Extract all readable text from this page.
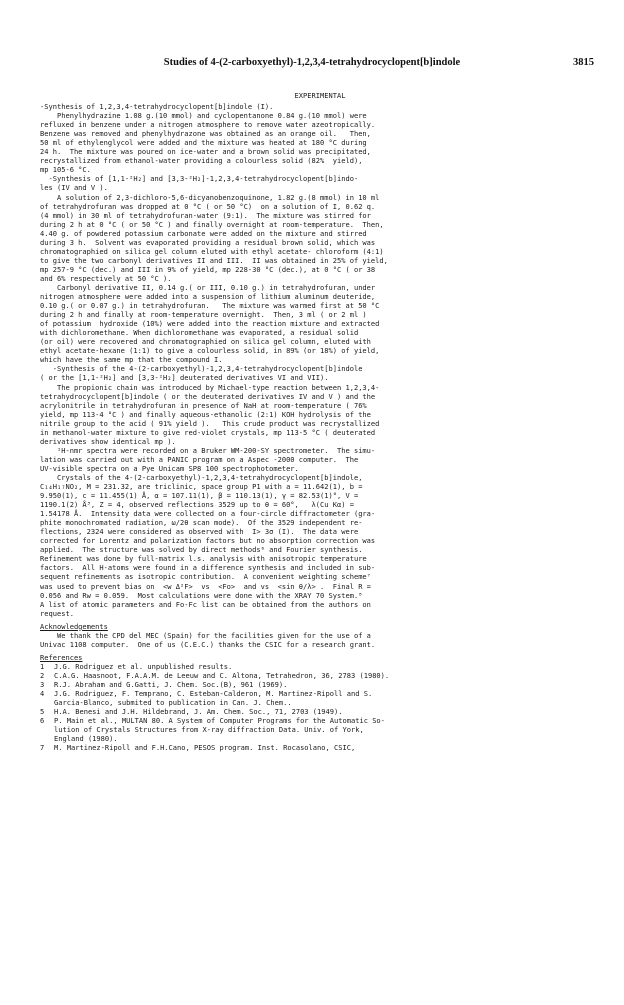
Studies of 4-(2-carboxyethyl)-1,2,3,4-tetrahydrocyclopent[b]indole	3815
EXPERIMENTAL
-Synthesis of 1,2,3,4-tetrahydrocyclopent[b]indole (I).
Phenylhydrazine 1.08 g.(10 mmol) and cyclopentanone 0.84 g.(10 mmol) were
refluxed in benzene under a nitrogen atmosphere to remove water azeotropically.
Benzene was removed and phenylhydrazone was obtained as an orange oil.   Then,
50 ml of ethylenglycol were added and the mixture was heated at 180 °C during
24 h.  The mixture was poured on ice-water and a brown solid was precipitated,
recrystallized from ethanol-water providing a colourless solid (82%  yield),
mp 105-6 °C.
-Synthesis of [1,1-²H₂] and [3,3-²H₂]-1,2,3,4-tetrahydrocyclopent[b]indo-
les (IV and V ).
A solution of 2,3-dichloro-5,6-dicyanobenzoquinone, 1.82 g.(8 mmol) in 10 ml
of tetrahydrofuran was dropped at 0 °C ( or 50 °C)  on a solution of I, 0.62 q.
(4 mmol) in 30 ml of tetrahydrofuran-water (9:1).  The mixture was stirred for
during 2 h at 0 °C ( or 50 °C ) and finally overnight at room-temperature.  Then,
4.40 g. of powdered potassium carbonate were added on the mixture and stirred
during 3 h.  Solvent was evaporated providing a residual brown solid, which was
chromatographied on silica gel column eluted with ethyl acetate- chloroform (4:1)
to give the two carbonyl derivatives II and III.  II was obtained in 25% of yield,
mp 257-9 °C (dec.) and III in 9% of yield, mp 228-30 °C (dec.), at 0 °C ( or 38
and 6% respectively at 50 °C ).
Carbonyl derivative II, 0.14 g.( or III, 0.10 g.) in tetrahydrofuran, under
nitrogen atmosphere were added into a suspension of lithium aluminum deuteride,
0.10 g.( or 0.07 g.) in tetrahydrofuran.   The mixture was warmed first at 50 °C
during 2 h and finally at room-temperature overnight.  Then, 3 ml ( or 2 ml )
of potassium  hydroxide (10%) were added into the reaction mixture and extracted
with dichloromethane. When dichloromethane was evaporated, a residual solid
(or oil) were recovered and chromatographied on silica gel column, eluted with
ethyl acetate-hexane (1:1) to give a colourless solid, in 89% (or 18%) of yield,
which have the same mp that the compound I.
-Synthesis of the 4-(2-carboxyethyl)-1,2,3,4-tetrahydrocyclopent[b]indole
( or the [1,1-²H₂] and [3,3-²H₂] deuterated derivatives VI and VII).
The propionic chain was introduced by Michael-type reaction between 1,2,3,4-
tetrahydrocyclopent[b]indole ( or the deuterated derivatives IV and V ) and the
acrylonitrile in tetrahydrofuran in presence of NaH at room-temperature ( 76%
yield, mp 113-4 °C ) and finally aqueous-ethanolic (2:1) KOH hydrolysis of the
nitrile group to the acid ( 91% yield ).   This crude product was recrystallized
in methanol-water mixture to give red-violet crystals, mp 113-5 °C ( deuterated
derivatives show identical mp ).
¹H-nmr spectra were recorded on a Bruker WM-200-SY spectrometer.  The simu-
lation was carried out with a PANIC program on a Aspec -2000 computer.  The
UV-visible spectra on a Pye Unicam SP8 100 spectrophotometer.
Crystals of the 4-(2-carboxyethyl)-1,2,3,4-tetrahydrocyclopent[b]indole,
C₁₄H₁₇NO₂, M = 231.32, are triclinic, space group P1 with a = 11.642(1), b =
9.950(1), c = 11.455(1) Å, α = 107.11(1), β = 110.13(1), γ = 82.53(1)°, V =
1190.1(2) Å³, Z = 4, observed reflections 3529 up to θ = 60°,   λ(Cu Kα) =
1.54178 Å.  Intensity data were collected on a four-circle diffractometer (gra-
phite monochromated radiation, ω/2θ scan mode).  Of the 3529 independent re-
flections, 2324 were considered as observed with  I> 3σ (I).  The data were
corrected for Lorentz and polarization factors but no absorption correction was
applied.  The structure was solved by direct methods⁶ and Fourier synthesis.
Refinement was done by full-matrix l.s. analysis with anisotropic temperature
factors.  All H-atoms were found in a difference synthesis and included in sub-
sequent refinements as isotropic contribution.  A convenient weighting scheme⁷
was used to prevent bias on  <w Δ²F>  vs  <Fo>  and vs  <sin θ/λ> .  Final R =
0.056 and Rw = 0.059.  Most calculations were done with the XRAY 70 System.⁸
A list of atomic parameters and Fo-Fc list can be obtained from the authors on
request.
Acknowledgements
We thank the CPD del MEC (Spain) for the facilities given for the use of a
Univac 1108 computer.  One of us (C.E.C.) thanks the CSIC for a research grant.
References
1	J.G. Rodriguez et al. unpublished results.
2	C.A.G. Haasnoot, F.A.A.M. de Leeuw and C. Altona, Tetrahedron, 36, 2783 (1980).
3	R.J. Abraham and G.Gatti, J. Chem. Soc.(B), 961 (1969).
4	J.G. Rodriguez, F. Temprano, C. Esteban-Calderon, M. Martinez-Ripoll and S.
Garcia-Blanco, submited to publication in Can. J. Chem..
5	H.A. Benesi and J.H. Hildebrand, J. Am. Chem. Soc., 71, 2703 (1949).
6	P. Main et al., MULTAN 80. A System of Computer Programs for the Automatic So-
lution of Crystals Structures from X-ray diffraction Data. Univ. of York,
England (1980).
7	M. Martinez-Ripoll and F.H.Cano, PESOS program. Inst. Rocasolano, CSIC,
